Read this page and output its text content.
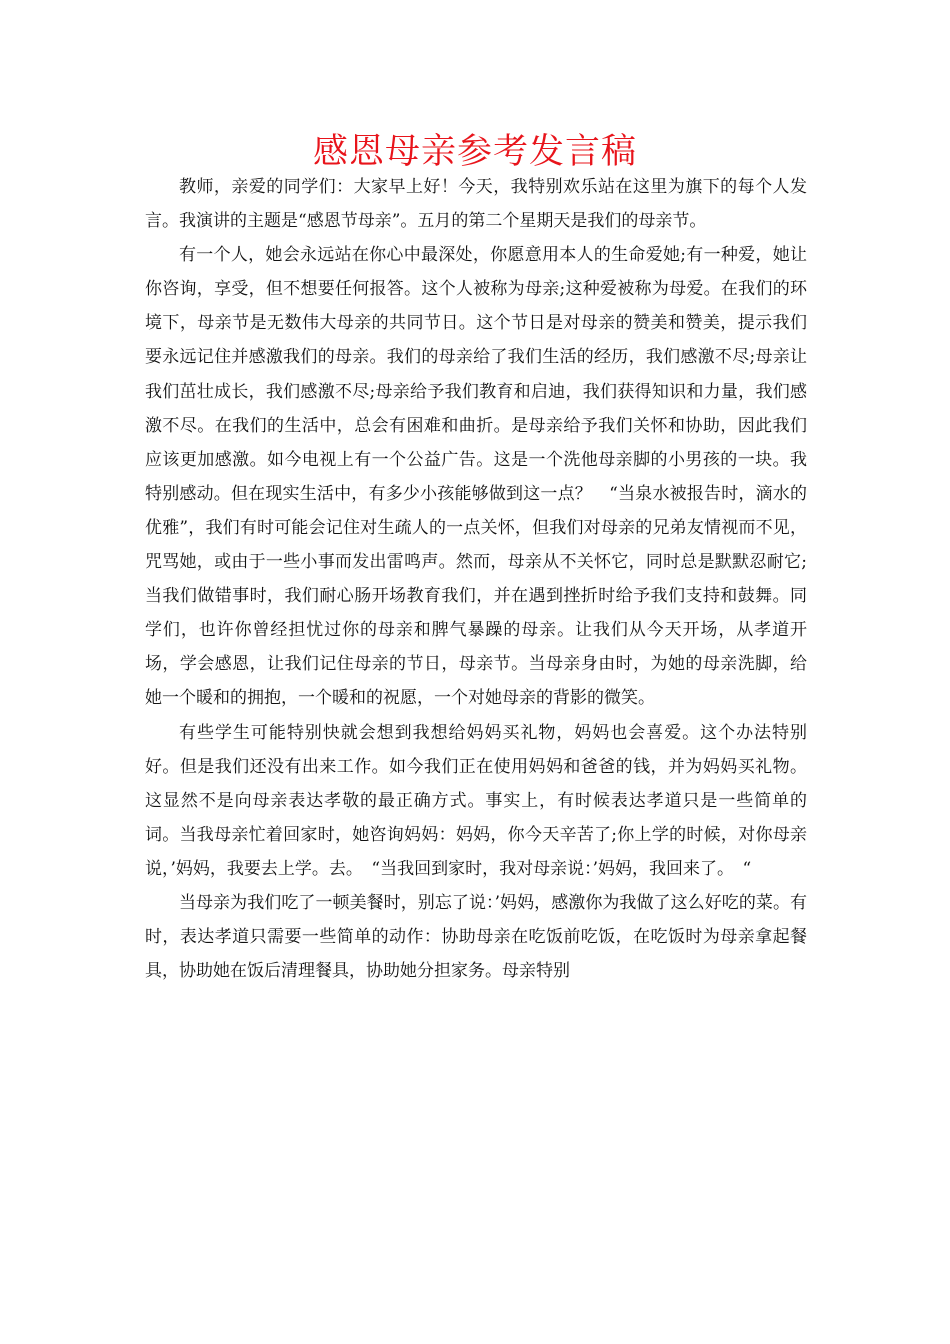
感恩母亲参考发言稿

教师，亲爱的同学们：大家早上好！今天，我特别欢乐站在这里为旗下的每个人发言。我演讲的主题是“感恩节母亲”。五月的第二个星期天是我们的母亲节。

有一个人，她会永远站在你心中最深处，你愿意用本人的生命爱她;有一种爱，她让你咨询，享受，但不想要任何报答。这个人被称为母亲;这种爱被称为母爱。在我们的环境下，母亲节是无数伟大母亲的共同节日。这个节日是对母亲的赞美和赞美，提示我们要永远记住并感激我们的母亲。我们的母亲给了我们生活的经历，我们感激不尽;母亲让我们茁壮成长，我们感激不尽;母亲给予我们教育和启迪，我们获得知识和力量，我们感激不尽。在我们的生活中，总会有困难和曲折。是母亲给予我们关怀和协助，因此我们应该更加感激。如今电视上有一个公益广告。这是一个洗他母亲脚的小男孩的一块。我特别感动。但在现实生活中，有多少小孩能够做到这一点？　“当泉水被报告时，滴水的优雅”，我们有时可能会记住对生疏人的一点关怀，但我们对母亲的兄弟友情视而不见，咒骂她，或由于一些小事而发出雷鸣声。然而，母亲从不关怀它，同时总是默默忍耐它;当我们做错事时，我们耐心肠开场教育我们，并在遇到挫折时给予我们支持和鼓舞。同学们，也许你曾经担忧过你的母亲和脾气暴躁的母亲。让我们从今天开场，从孝道开场，学会感恩，让我们记住母亲的节日，母亲节。当母亲身由时，为她的母亲洗脚，给她一个暖和的拥抱，一个暖和的祝愿，一个对她母亲的背影的微笑。

有些学生可能特别快就会想到我想给妈妈买礼物，妈妈也会喜爱。这个办法特别好。但是我们还没有出来工作。如今我们正在使用妈妈和爸爸的钱，并为妈妈买礼物。这显然不是向母亲表达孝敬的最正确方式。事实上，有时候表达孝道只是一些简单的词。当我母亲忙着回家时，她咨询妈妈：妈妈，你今天辛苦了;你上学的时候，对你母亲说，’妈妈，我要去上学。去。　“当我回到家时，我对母亲说：’妈妈，我回来了。　“

当母亲为我们吃了一顿美餐时，别忘了说：’妈妈，感激你为我做了这么好吃的菜。有时，表达孝道只需要一些简单的动作：协助母亲在吃饭前吃饭，在吃饭时为母亲拿起餐具，协助她在饭后清理餐具，协助她分担家务。母亲特别
